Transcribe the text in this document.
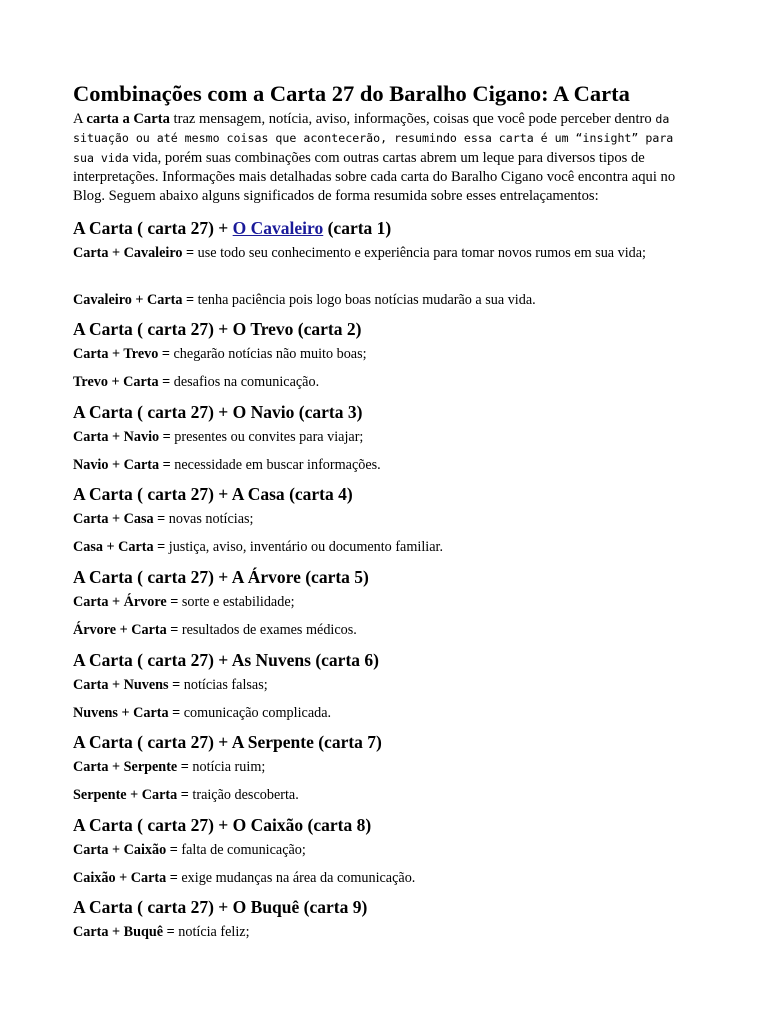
Combinações com a Carta 27 do Baralho Cigano: A Carta

A carta a Carta traz mensagem, notícia, aviso, informações, coisas que você pode perceber dentro da situação ou até mesmo coisas que acontecerão, resumindo essa carta é um “insight” para sua vida vida, porém suas combinações com outras cartas abrem um leque para diversos tipos de interpretações. Informações mais detalhadas sobre cada carta do Baralho Cigano você encontra aqui no Blog. Seguem abaixo alguns significados de forma resumida sobre esses entrelaçamentos:

A Carta ( carta 27) + O Cavaleiro (carta 1)

Carta + Cavaleiro = use todo seu conhecimento e experiência para tomar novos rumos em sua vida;

Cavaleiro + Carta = tenha paciência pois logo boas notícias mudarão a sua vida.

A Carta ( carta 27) + O Trevo (carta 2)

Carta + Trevo = chegarão notícias não muito boas;

Trevo + Carta = desafios na comunicação.

A Carta ( carta 27) + O Navio (carta 3)

Carta + Navio = presentes ou convites para viajar;

Navio + Carta = necessidade em buscar informações.

A Carta ( carta 27) + A Casa (carta 4)

Carta + Casa = novas notícias;

Casa + Carta = justiça, aviso, inventário ou documento familiar.

A Carta ( carta 27) + A Árvore (carta 5)

Carta + Árvore = sorte e estabilidade;

Árvore + Carta = resultados de exames médicos.

A Carta ( carta 27) + As Nuvens (carta 6)

Carta + Nuvens = notícias falsas;

Nuvens + Carta = comunicação complicada.

A Carta ( carta 27) + A Serpente (carta 7)

Carta + Serpente = notícia ruim;

Serpente + Carta = traição descoberta.

A Carta ( carta 27) + O Caixão (carta 8)

Carta + Caixão = falta de comunicação;

Caixão + Carta = exige mudanças na área da comunicação.

A Carta ( carta 27) + O Buquê (carta 9)

Carta + Buquê = notícia feliz;
